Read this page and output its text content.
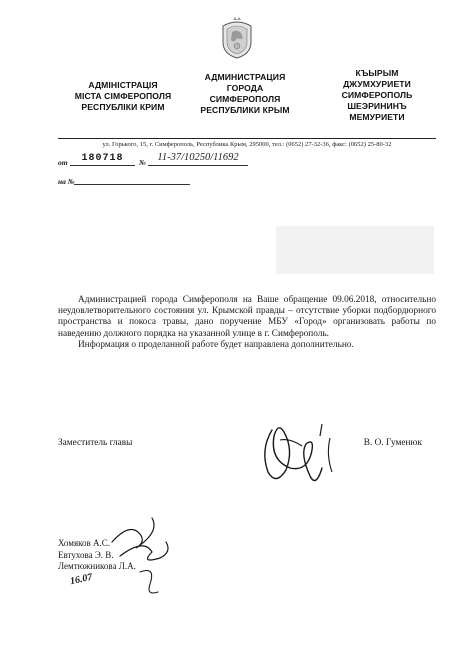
АДМІНІСТРАЦІЯ
МІСТА СІМФЕРОПОЛЯ
РЕСПУБЛІКИ КРИМ
АДМИНИСТРАЦИЯ
ГОРОДА
СИМФЕРОПОЛЯ
РЕСПУБЛИКИ КРЫМ
КЪЫРЫМ
ДЖУМХУРИЕТИ
СИМФЕРОПОЛЬ
ШЕЭРИНИНЪ
МЕМУРИЕТИ
ул. Горького, 15, г. Симферополь, Республика Крым, 295000, тел.: (0652) 27-32-36, факс: (0652) 25-80-32
от	180718	№	11-37/10250/11692
на №

Администрацией города Симферополя на Ваше обращение 09.06.2018, относительно неудовлетворительного состояния ул. Крымской правды – отсутствие уборки подбордюрного пространства и покоса травы, дано поручение МБУ «Город» организовать работы по наведению должного порядка на указанной улице в г. Симферополь.

Информация о проделанной работе будет направлена дополнительно.

Заместитель главы	В. О. Гуменюк
Хомяков А.С.
Евтухова Э. В.
Лемтюжникова Л.А.
16.07
